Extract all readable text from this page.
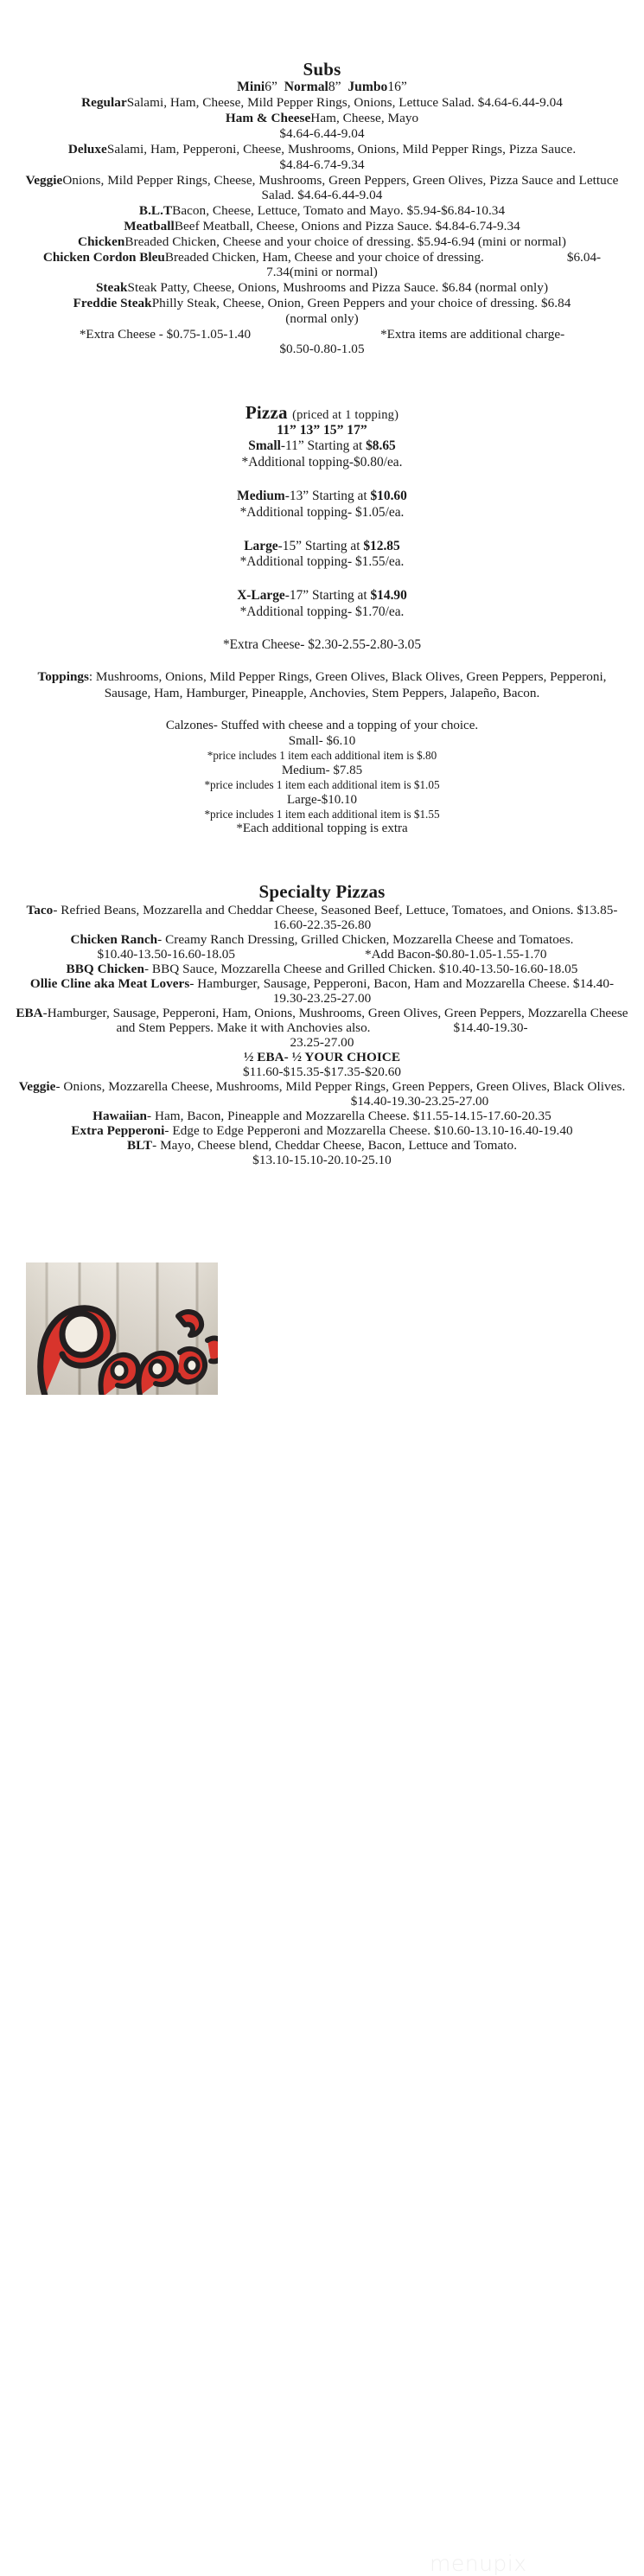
Subs
Mini6” Normal8” Jumbo16”
RegularSalami, Ham, Cheese, Mild Pepper Rings, Onions, Lettuce Salad. $4.64-6.44-9.04
Ham & CheeseHam, Cheese, Mayo
$4.64-6.44-9.04
DeluxeSalami, Ham, Pepperoni, Cheese, Mushrooms, Onions, Mild Pepper Rings, Pizza Sauce.
$4.84-6.74-9.34
VeggieOnions, Mild Pepper Rings, Cheese, Mushrooms, Green Peppers, Green Olives, Pizza Sauce and Lettuce Salad. $4.64-6.44-9.04
B.L.TBacon, Cheese, Lettuce, Tomato and Mayo. $5.94-$6.84-10.34
MeatballBeef Meatball, Cheese, Onions and Pizza Sauce. $4.84-6.74-9.34
ChickenBreaded Chicken, Cheese and your choice of dressing. $5.94-6.94 (mini or normal)
Chicken Cordon BleuBreaded Chicken, Ham, Cheese and your choice of dressing.	$6.04-
7.34(mini or normal)
SteakSteak Patty, Cheese, Onions, Mushrooms and Pizza Sauce. $6.84 (normal only)
Freddie SteakPhilly Steak, Cheese, Onion, Green Peppers and your choice of dressing. $6.84
(normal only)
*Extra Cheese - $0.75-1.05-1.40	*Extra items are additional charge-
$0.50-0.80-1.05
Pizza (priced at 1 topping)
11” 13” 15” 17”
Small-11” Starting at $8.65
*Additional topping-$0.80/ea.
Medium-13” Starting at $10.60
*Additional topping- $1.05/ea.
Large-15” Starting at $12.85
*Additional topping- $1.55/ea.
X-Large-17” Starting at $14.90
*Additional topping- $1.70/ea.
*Extra Cheese- $2.30-2.55-2.80-3.05
Toppings: Mushrooms, Onions, Mild Pepper Rings, Green Olives, Black Olives, Green Peppers, Pepperoni, Sausage, Ham, Hamburger, Pineapple, Anchovies, Stem Peppers, Jalapeño, Bacon.
Calzones- Stuffed with cheese and a topping of your choice.
Small- $6.10
*price includes 1 item each additional item is $.80
Medium- $7.85
*price includes 1 item each additional item is $1.05
Large-$10.10
*price includes 1 item each additional item is $1.55
*Each additional topping is extra
Specialty Pizzas
Taco- Refried Beans, Mozzarella and Cheddar Cheese, Seasoned Beef, Lettuce, Tomatoes, and Onions. $13.85-16.60-22.35-26.80
Chicken Ranch- Creamy Ranch Dressing, Grilled Chicken, Mozzarella Cheese and Tomatoes.
$10.40-13.50-16.60-18.05	*Add Bacon-$0.80-1.05-1.55-1.70
BBQ Chicken- BBQ Sauce, Mozzarella Cheese and Grilled Chicken. $10.40-13.50-16.60-18.05
Ollie Cline aka Meat Lovers- Hamburger, Sausage, Pepperoni, Bacon, Ham and Mozzarella Cheese. $14.40-19.30-23.25-27.00
EBA-Hamburger, Sausage, Pepperoni, Ham, Onions, Mushrooms, Green Olives, Green Peppers, Mozzarella Cheese and Stem Peppers. Make it with Anchovies also.	$14.40-19.30-
23.25-27.00
½ EBA- ½ YOUR CHOICE
$11.60-$15.35-$17.35-$20.60
Veggie- Onions, Mozzarella Cheese, Mushrooms, Mild Pepper Rings, Green Peppers, Green Olives, Black Olives.
$14.40-19.30-23.25-27.00
Hawaiian- Ham, Bacon, Pineapple and Mozzarella Cheese. $11.55-14.15-17.60-20.35
Extra Pepperoni- Edge to Edge Pepperoni and Mozzarella Cheese. $10.60-13.10-16.40-19.40
BLT- Mayo, Cheese blend, Cheddar Cheese, Bacon, Lettuce and Tomato.
$13.10-15.10-20.10-25.10
menupix
